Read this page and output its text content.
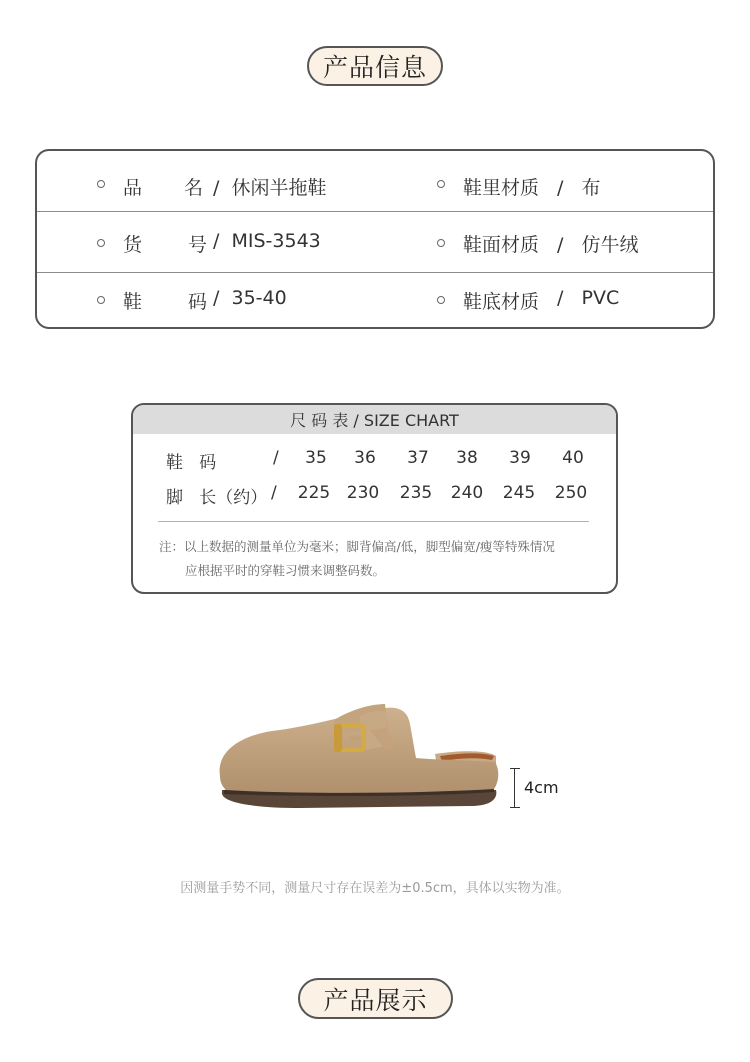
产品信息
品 名 /  休闲半拖鞋	鞋里材质 /   布
货 号 /  MIS-3543	鞋面材质 /   仿牛绒
鞋 码 /  35-40	鞋底材质 /   PVC
尺 码 表 / SIZE CHART
鞋   码	/	35	36	37	38	39	40
脚   长（约） / 225 230 235 240 245 250
注：以上数据的测量单位为毫米；脚背偏高/低，脚型偏宽/瘦等特殊情况
应根据平时的穿鞋习惯来调整码数。
4cm
因测量手势不同，测量尺寸存在误差为±0.5cm，具体以实物为准。
产品展示
